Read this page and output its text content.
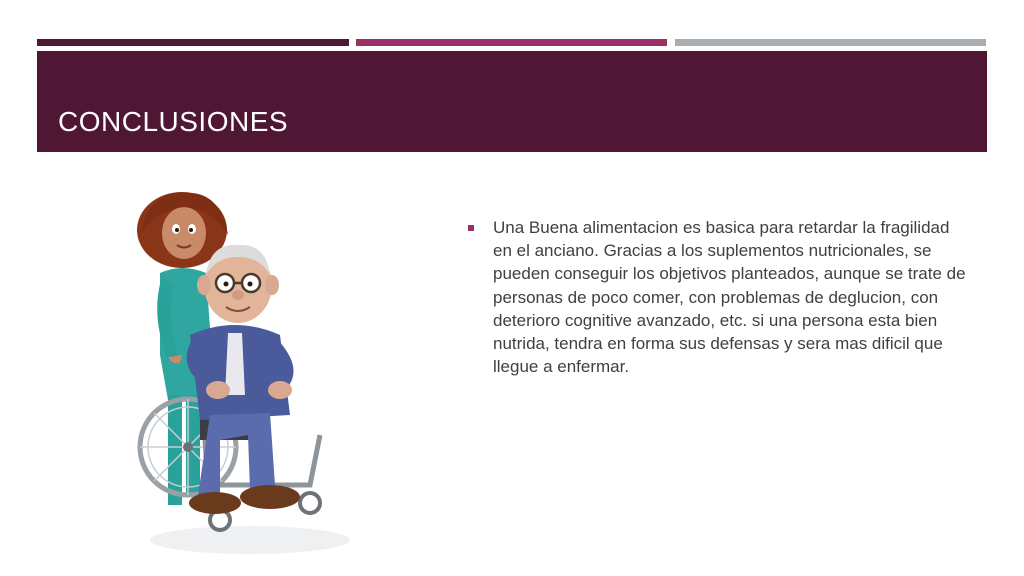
CONCLUSIONES
Una Buena alimentacion es basica para retardar la fragilidad en el anciano. Gracias a los suplementos nutricionales, se pueden conseguir los objetivos planteados, aunque se trate de personas de poco comer, con problemas de deglucion, con deterioro cognitive avanzado, etc. si una persona esta bien nutrida, tendra en forma sus defensas y sera mas dificil que llegue a enfermar.
